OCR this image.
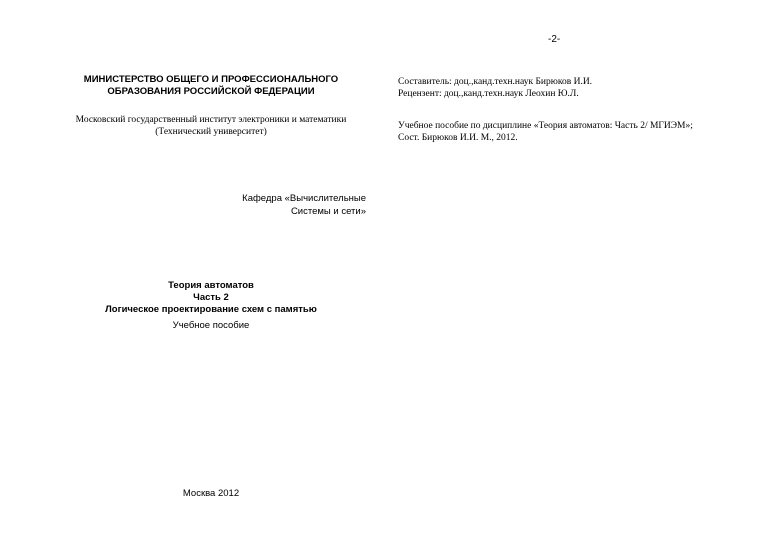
-2-
МИНИСТЕРСТВО ОБЩЕГО И ПРОФЕССИОНАЛЬНОГО
ОБРАЗОВАНИЯ РОССИЙСКОЙ ФЕДЕРАЦИИ
Московский государственный институт электроники и математики
(Технический университет)
Кафедра «Вычислительные
Системы и сети»
Теория автоматов
Часть 2
Логическое проектирование схем с памятью
Учебное пособие
Москва 2012
Составитель: доц.,канд.техн.наук Бирюков И.И.
Рецензент: доц.,канд.техн.наук Леохин Ю.Л.
Учебное пособие по дисциплине «Теория автоматов: Часть 2/ МГИЭМ»;
Сост. Бирюков И.И. М., 2012.
